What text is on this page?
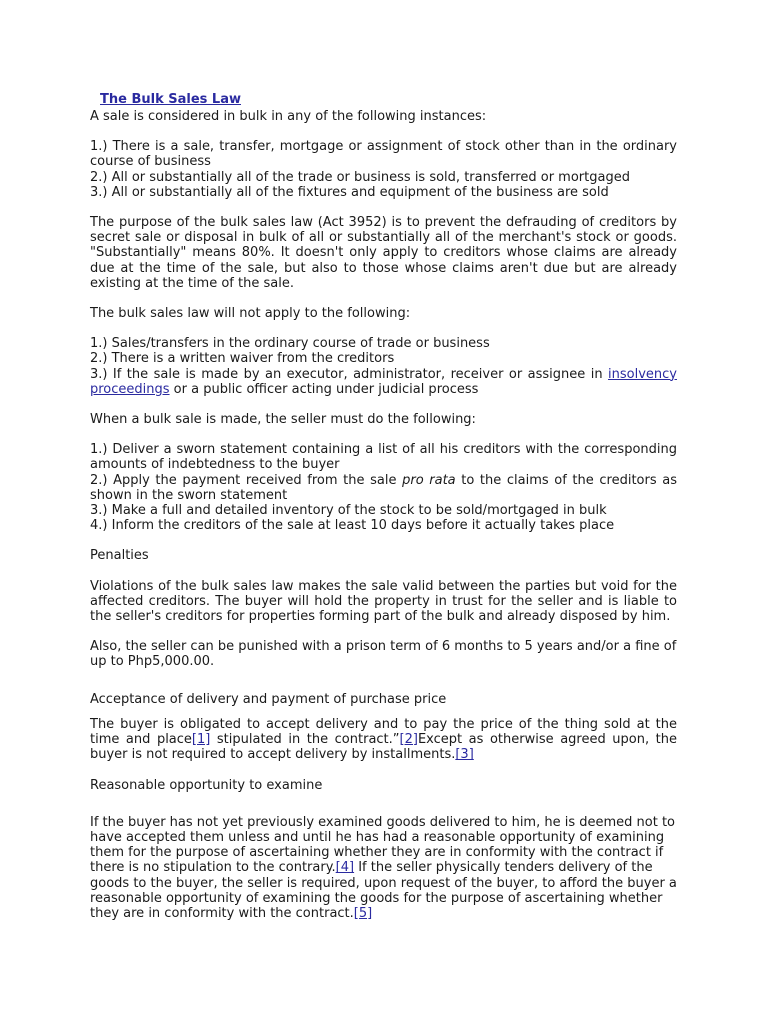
The Bulk Sales Law

A sale is considered in bulk in any of the following instances:

1.) There is a sale, transfer, mortgage or assignment of stock other than in the ordinary course of business

2.) All or substantially all of the trade or business is sold, transferred or mortgaged

3.) All or substantially all of the fixtures and equipment of the business are sold

The purpose of the bulk sales law (Act 3952) is to prevent the defrauding of creditors by secret sale or disposal in bulk of all or substantially all of the merchant's stock or goods. "Substantially" means 80%. It doesn't only apply to creditors whose claims are already due at the time of the sale, but also to those whose claims aren't due but are already existing at the time of the sale.

The bulk sales law will not apply to the following:

1.) Sales/transfers in the ordinary course of trade or business

2.) There is a written waiver from the creditors

3.) If the sale is made by an executor, administrator, receiver or assignee in insolvency proceedings or a public officer acting under judicial process

When a bulk sale is made, the seller must do the following:

1.) Deliver a sworn statement containing a list of all his creditors with the corresponding amounts of indebtedness to the buyer

2.) Apply the payment received from the sale pro rata to the claims of the creditors as shown in the sworn statement

3.) Make a full and detailed inventory of the stock to be sold/mortgaged in bulk

4.) Inform the creditors of the sale at least 10 days before it actually takes place

Penalties

Violations of the bulk sales law makes the sale valid between the parties but void for the affected creditors. The buyer will hold the property in trust for the seller and is liable to the seller's creditors for properties forming part of the bulk and already disposed by him.

Also, the seller can be punished with a prison term of 6 months to 5 years and/or a fine of up to Php5,000.00.

Acceptance of delivery and payment of purchase price

The buyer is obligated to accept delivery and to pay the price of the thing sold at the time and place[1] stipulated in the contract.”[2]Except as otherwise agreed upon, the buyer is not required to accept delivery by installments.[3]

Reasonable opportunity to examine

If the buyer has not yet previously examined goods delivered to him, he is deemed not to have accepted them unless and until he has had a reasonable opportunity of examining them for the purpose of ascertaining whether they are in conformity with the contract if there is no stipulation to the contrary.[4] If the seller physically tenders delivery of the goods to the buyer, the seller is required, upon request of the buyer, to afford the buyer a reasonable opportunity of examining the goods for the purpose of ascertaining whether they are in conformity with the contract.[5]
